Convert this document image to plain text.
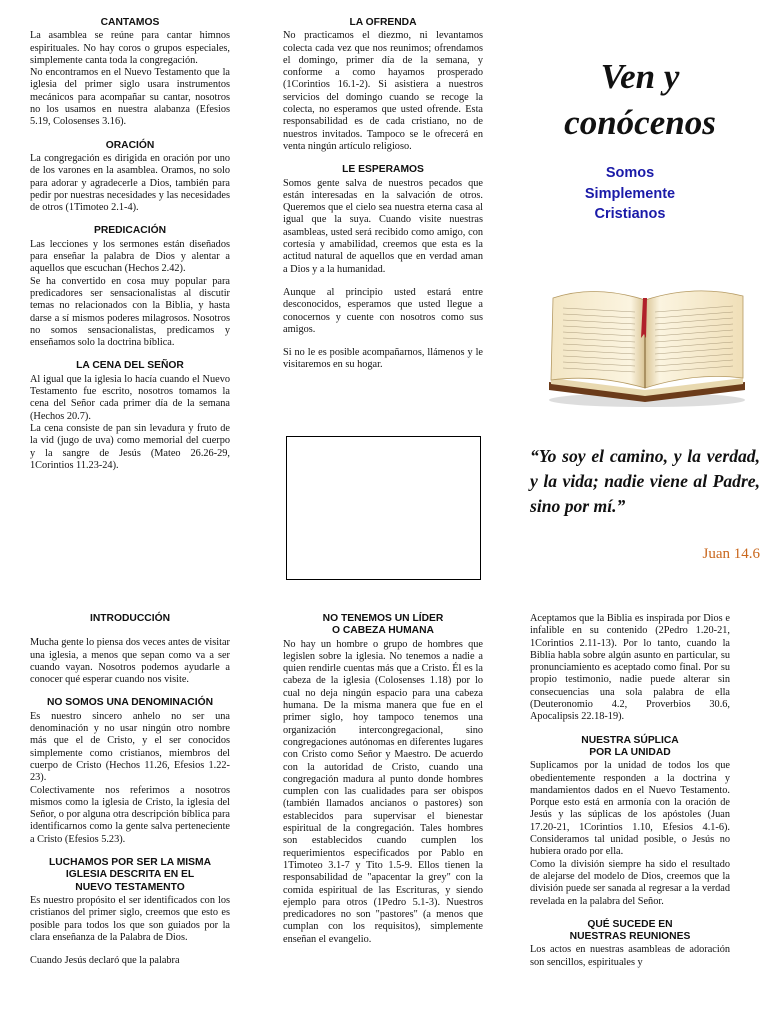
CANTAMOS

La asamblea se reúne para cantar himnos espirituales. No hay coros o grupos especiales, simplemente canta toda la congregación.

No encontramos en el Nuevo Testamento que la iglesia del primer siglo usara instrumentos mecánicos para acompañar su cantar, nosotros no los usamos en nuestra alabanza (Efesios 5.19, Colosenses 3.16).

ORACIÓN

La congregación es dirigida en oración por uno de los varones en la asamblea. Oramos, no solo para adorar y agradecerle a Dios, también para pedir por nuestras necesidades y las necesidades de otros (1Timoteo 2.1-4).

PREDICACIÓN

Las lecciones y los sermones están diseñados para enseñar la palabra de Dios y alentar a aquellos que escuchan (Hechos 2.42).

Se ha convertido en cosa muy popular para predicadores ser sensacionalistas al discutir temas no relacionados con la Biblia, y hasta darse a sí mismos poderes milagrosos. Nosotros no somos sensacionalistas, predicamos y enseñamos solo la doctrina bíblica.

LA CENA DEL SEÑOR

Al igual que la iglesia lo hacía cuando el Nuevo Testamento fue escrito, nosotros tomamos la cena del Señor cada primer día de la semana (Hechos 20.7).

La cena consiste de pan sin levadura y fruto de la vid (jugo de uva) como memorial del cuerpo y la sangre de Jesús (Mateo 26.26-29, 1Corintios 11.23-24).

LA OFRENDA

No practicamos el diezmo, ni levantamos colecta cada vez que nos reunimos; ofrendamos el domingo, primer día de la semana, y conforme a como hayamos prosperado (1Corintios 16.1-2). Si asistiera a nuestros servicios del domingo cuando se recoge la colecta, no esperamos que usted ofrende. Esta responsabilidad es de cada cristiano, no de nuestros invitados. Tampoco se le ofrecerá en venta ningún artículo religioso.

LE ESPERAMOS

Somos gente salva de nuestros pecados que están interesadas en la salvación de otros. Queremos que el cielo sea nuestra eterna casa al igual que la suya. Cuando visite nuestras asambleas, usted será recibido como amigo, con cortesía y amabilidad, creemos que esta es la actitud natural de aquellos que en verdad aman a Dios y a la humanidad.

Aunque al principio usted estará entre desconocidos, esperamos que usted llegue a conocernos y cuente con nosotros como sus amigos.

Si no le es posible acompañarnos, llámenos y le visitaremos en su hogar.

Ven y
conócenos
Somos
Simplemente
Cristianos
“Yo soy el camino, y la verdad, y la vida; nadie viene al Padre, sino por mí.”
Juan 14.6
INTRODUCCIÓN

Mucha gente lo piensa dos veces antes de visitar una iglesia, a menos que sepan como va a ser cuando vayan. Nosotros podemos ayudarle a conocer qué esperar cuando nos visite.

NO SOMOS UNA DENOMINACIÓN

Es nuestro sincero anhelo no ser una denominación y no usar ningún otro nombre más que el de Cristo, y el ser conocidos simplemente como cristianos, miembros del cuerpo de Cristo (Hechos 11.26, Efesios 1.22-23).

Colectivamente nos referimos a nosotros mismos como la iglesia de Cristo, la iglesia del Señor, o por alguna otra descripción bíblica para identificarnos como la gente salva perteneciente a Cristo (Efesios 5.23).

LUCHAMOS POR SER LA MISMA
IGLESIA DESCRITA EN EL
NUEVO TESTAMENTO

Es nuestro propósito el ser identificados con los cristianos del primer siglo, creemos que esto es posible para todos los que son guiados por la clara enseñanza de la Palabra de Dios.

Cuando Jesús declaró que la palabra

NO TENEMOS UN LÍDER
O CABEZA HUMANA

No hay un hombre o grupo de hombres que legislen sobre la iglesia. No tenemos a nadie a quien rendirle cuentas más que a Cristo. Él es la cabeza de la iglesia (Colosenses 1.18) por lo cual no deja ningún espacio para una cabeza humana. De la misma manera que fue en el primer siglo, hoy tampoco tenemos una organización intercongregacional, sino congregaciones autónomas en diferentes lugares con Cristo como Señor y Maestro. De acuerdo con la autoridad de Cristo, cuando una congregación madura al punto donde hombres cumplen con las cualidades para ser obispos (también llamados ancianos o pastores) son establecidos para supervisar el bienestar espiritual de la congregación. Tales hombres son establecidos cuando cumplen los requerimientos especificados por Pablo en 1Timoteo 3.1-7 y Tito 1.5-9. Ellos tienen la responsabilidad de "apacentar la grey" con la comida espiritual de las Escrituras, y siendo ejemplo para otros (1Pedro 5.1-3). Nuestros predicadores no son "pastores" (a menos que cumplan con los requisitos), simplemente enseñan el evangelio.

Aceptamos que la Biblia es inspirada por Dios e infalible en su contenido (2Pedro 1.20-21, 1Corintios 2.11-13). Por lo tanto, cuando la Biblia habla sobre algún asunto en particular, su pronunciamiento es aceptado como final. Por su propio testimonio, nadie puede alterar sin consecuencias una sola palabra de ella (Deuteronomio 4.2, Proverbios 30.6, Apocalipsis 22.18-19).

NUESTRA SÚPLICA
POR LA UNIDAD

Suplicamos por la unidad de todos los que obedientemente responden a la doctrina y mandamientos dados en el Nuevo Testamento. Porque esto está en armonía con la oración de Jesús y las súplicas de los apóstoles (Juan 17.20-21, 1Corintios 1.10, Efesios 4.1-6). Consideramos tal unidad posible, o Jesús no hubiera orado por ella.

Como la división siempre ha sido el resultado de alejarse del modelo de Dios, creemos que la división puede ser sanada al regresar a la verdad revelada en la palabra del Señor.

QUÉ SUCEDE EN
NUESTRAS REUNIONES

Los actos en nuestras asambleas de adoración son sencillos, espirituales y
